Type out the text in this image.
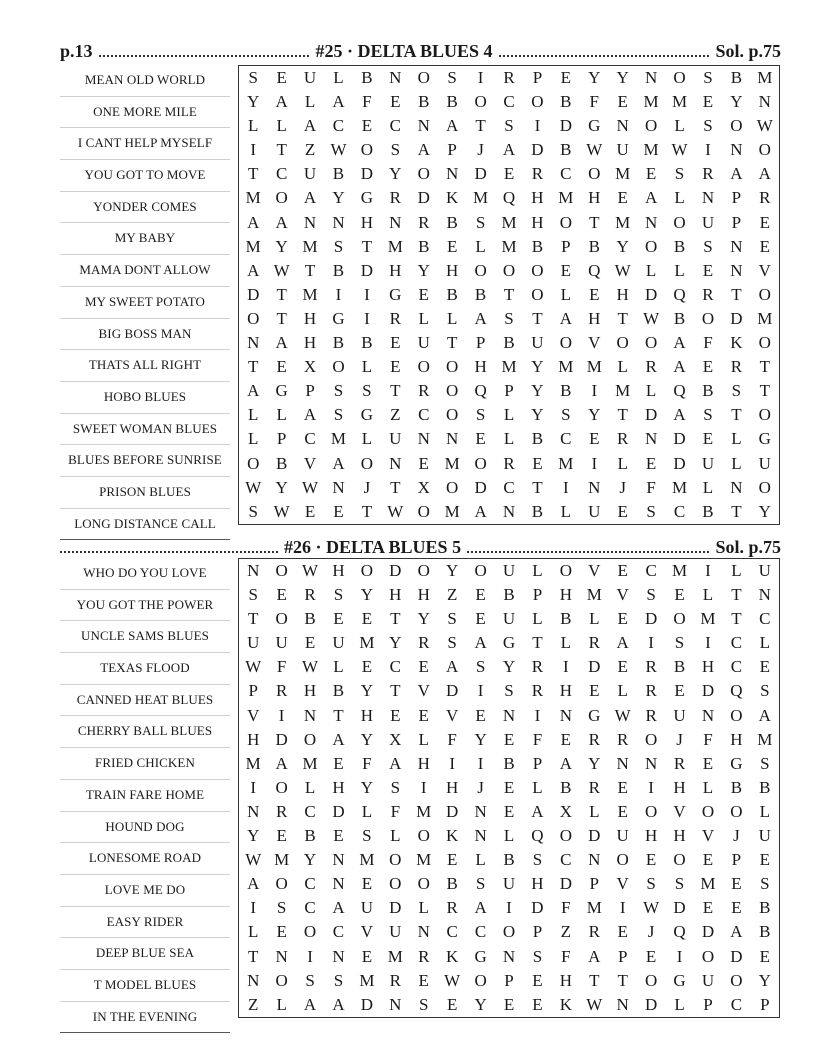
p.13	#25 · DELTA BLUES 4	Sol. p.75
MEAN OLD WORLD
ONE MORE MILE
I CANT HELP MYSELF
YOU GOT TO MOVE
YONDER COMES
MY BABY
MAMA DONT ALLOW
MY SWEET POTATO
BIG BOSS MAN
THATS ALL RIGHT
HOBO BLUES
SWEET WOMAN BLUES
BLUES BEFORE SUNRISE
PRISON BLUES
LONG DISTANCE CALL
S	E	U	L	B N O	S	I	R	P	E	Y Y N O	S	B M
Y A	L	A	F	E	B	B O C O B	F	E M M E	Y N
L	L	A C	E	C N A	T	S	I	D G N O	L	S	O W
I	T	Z W O	S	A	P	J	A D B W U M W	I	N O
T	C U B D Y O N D	E	R	C O M E	S	R A A
M O A Y G R D K M Q H M H	E	A	L	N	P	R
A A N N H N R	B	S M H O	T M N O U	P	E
M Y M S	T M B	E	L M B	P	B Y O B	S	N	E
A W T	B D H Y H O O O	E	Q W L	L	E	N V
D	T M	I	I	G	E	B	B	T	O	L	E	H D Q R	T	O
O	T	H G	I	R	L	L	A	S	T	A H	T W B O D M
N A H B	B	E	U	T	P	B U O V O O A	F	K O
T	E	X O	L	E	O O H M Y M M L	R A	E	R	T
A G	P	S	S	T	R O Q	P	Y B	I	M L	Q B	S	T
L	L	A	S	G	Z	C O	S	L	Y	S	Y	T	D A	S	T	O
L	P	C M L	U N N	E	L	B	C	E	R N D	E	L	G
O B V A O N	E M O R	E M	I	L	E	D U	L	U
W Y W N	J	T	X O D C	T	I	N	J	F M L	N O
S W E	E	T W O M A N B	L	U	E	S	C	B	T	Y
#26 · DELTA BLUES 5	Sol. p.75
WHO DO YOU LOVE
YOU GOT THE POWER
UNCLE SAMS BLUES
TEXAS FLOOD
CANNED HEAT BLUES
CHERRY BALL BLUES
FRIED CHICKEN
TRAIN FARE HOME
HOUND DOG
LONESOME ROAD
LOVE ME DO
EASY RIDER
DEEP BLUE SEA
T MODEL BLUES
IN THE EVENING
N O W H O D O Y O U	L	O V	E	C M	I	L	U
S	E	R	S	Y H H	Z	E	B	P	H M V	S	E	L	T	N
T	O B	E	E	T	Y	S	E	U	L	B	L	E	D O M T	C
U U	E	U M Y R	S	A G	T	L	R A	I	S	I	C	L
W F W L	E	C	E	A	S	Y R	I	D	E	R	B H C	E
P	R H B Y	T	V D	I	S	R H	E	L	R	E	D Q	S
V	I	N	T	H	E	E	V	E	N	I	N G W R U N O A
H D O A Y X	L	F	Y	E	F	E	R	R O	J	F	H M
M A M E	F	A H	I	I	B	P	A Y N N R	E	G	S
I	O	L	H Y	S	I	H	J	E	L	B	R	E	I	H	L	B	B
N R	C D	L	F M D N	E	A X	L	E	O V O O	L
Y	E	B	E	S	L	O K N	L	Q O D U H H V	J	U
W M Y N M O M E	L	B	S	C N O	E	O	E	P	E
A O C N	E	O O B	S	U H D	P	V	S	S M E	S
I	S	C A U D	L	R A	I	D	F M	I	W D	E	E	B
L	E	O C V U N C	C O	P	Z	R	E	J	Q D A B
T	N	I	N	E M R K G N	S	F	A	P	E	I	O D	E
N O	S	S M R	E W O	P	E	H	T	T	O G U O Y
Z	L	A A D N	S	E	Y	E	E	K W N D	L	P	C	P
